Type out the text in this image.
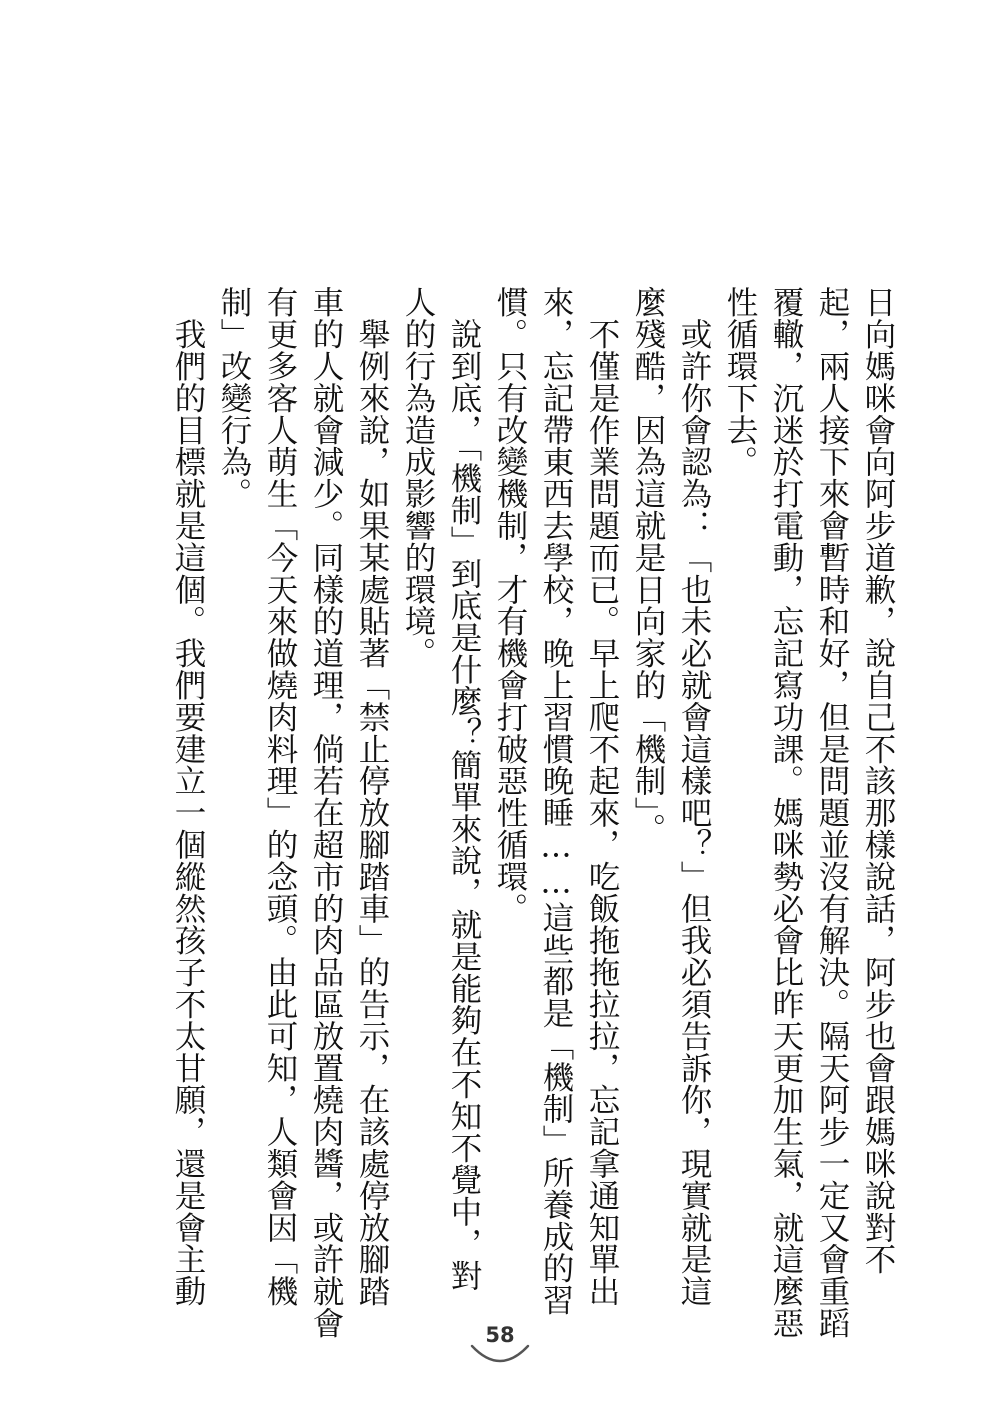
日向媽咪會向阿步道歉，說自己不該那樣說話，阿步也會跟媽咪說對不
起，兩人接下來會暫時和好，但是問題並沒有解決。隔天阿步一定又會重蹈
覆轍，沉迷於打電動，忘記寫功課。媽咪勢必會比昨天更加生氣，就這麼惡
性循環下去。
　或許你會認為：「也未必就會這樣吧？」但我必須告訴你，現實就是這
麼殘酷，因為這就是日向家的「機制」。
　不僅是作業問題而已。早上爬不起來，吃飯拖拖拉拉，忘記拿通知單出
來，忘記帶東西去學校，晚上習慣晚睡……這些都是「機制」所養成的習
慣。只有改變機制，才有機會打破惡性循環。
　說到底，「機制」到底是什麼？簡單來說，就是能夠在不知不覺中，對
人的行為造成影響的環境。
　舉例來說，如果某處貼著「禁止停放腳踏車」的告示，在該處停放腳踏
車的人就會減少。同樣的道理，倘若在超市的肉品區放置燒肉醬，或許就會
有更多客人萌生「今天來做燒肉料理」的念頭。由此可知，人類會因「機
制」改變行為。
　我們的目標就是這個。我們要建立一個縱然孩子不太甘願，還是會主動
58
